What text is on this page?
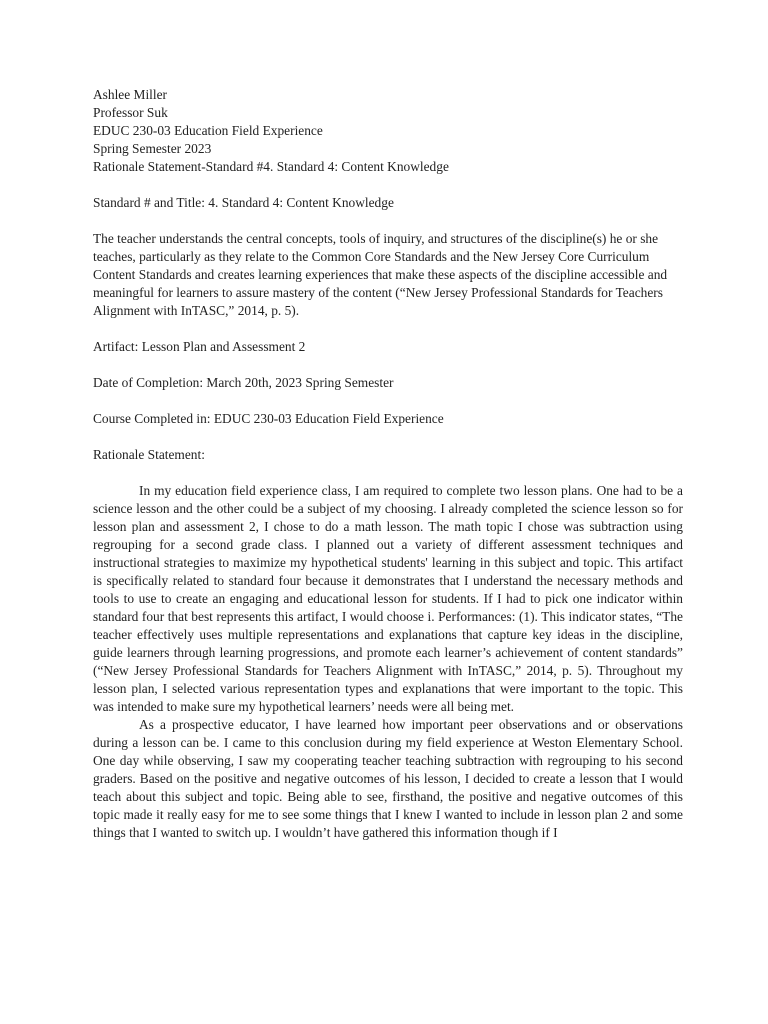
Ashlee Miller
Professor Suk
EDUC 230-03 Education Field Experience
Spring Semester 2023
Rationale Statement-Standard #4. Standard 4: Content Knowledge

Standard # and Title: 4. Standard 4: Content Knowledge

The teacher understands the central concepts, tools of inquiry, and structures of the discipline(s) he or she teaches, particularly as they relate to the Common Core Standards and the New Jersey Core Curriculum Content Standards and creates learning experiences that make these aspects of the discipline accessible and meaningful for learners to assure mastery of the content (“New Jersey Professional Standards for Teachers Alignment with InTASC,” 2014, p. 5).

Artifact: Lesson Plan and Assessment 2

Date of Completion: March 20th, 2023 Spring Semester

Course Completed in: EDUC 230-03 Education Field Experience

Rationale Statement:

In my education field experience class, I am required to complete two lesson plans. One had to be a science lesson and the other could be a subject of my choosing. I already completed the science lesson so for lesson plan and assessment 2, I chose to do a math lesson. The math topic I chose was subtraction using regrouping for a second grade class. I planned out a variety of different assessment techniques and instructional strategies to maximize my hypothetical students' learning in this subject and topic. This artifact is specifically related to standard four because it demonstrates that I understand the necessary methods and tools to use to create an engaging and educational lesson for students. If I had to pick one indicator within standard four that best represents this artifact, I would choose i. Performances: (1). This indicator states, “The teacher effectively uses multiple representations and explanations that capture key ideas in the discipline, guide learners through learning progressions, and promote each learner’s achievement of content standards” (“New Jersey Professional Standards for Teachers Alignment with InTASC,” 2014, p. 5). Throughout my lesson plan, I selected various representation types and explanations that were important to the topic. This was intended to make sure my hypothetical learners’ needs were all being met.

As a prospective educator, I have learned how important peer observations and or observations during a lesson can be. I came to this conclusion during my field experience at Weston Elementary School. One day while observing, I saw my cooperating teacher teaching subtraction with regrouping to his second graders. Based on the positive and negative outcomes of his lesson, I decided to create a lesson that I would teach about this subject and topic. Being able to see, firsthand, the positive and negative outcomes of this topic made it really easy for me to see some things that I knew I wanted to include in lesson plan 2 and some things that I wanted to switch up. I wouldn’t have gathered this information though if I
